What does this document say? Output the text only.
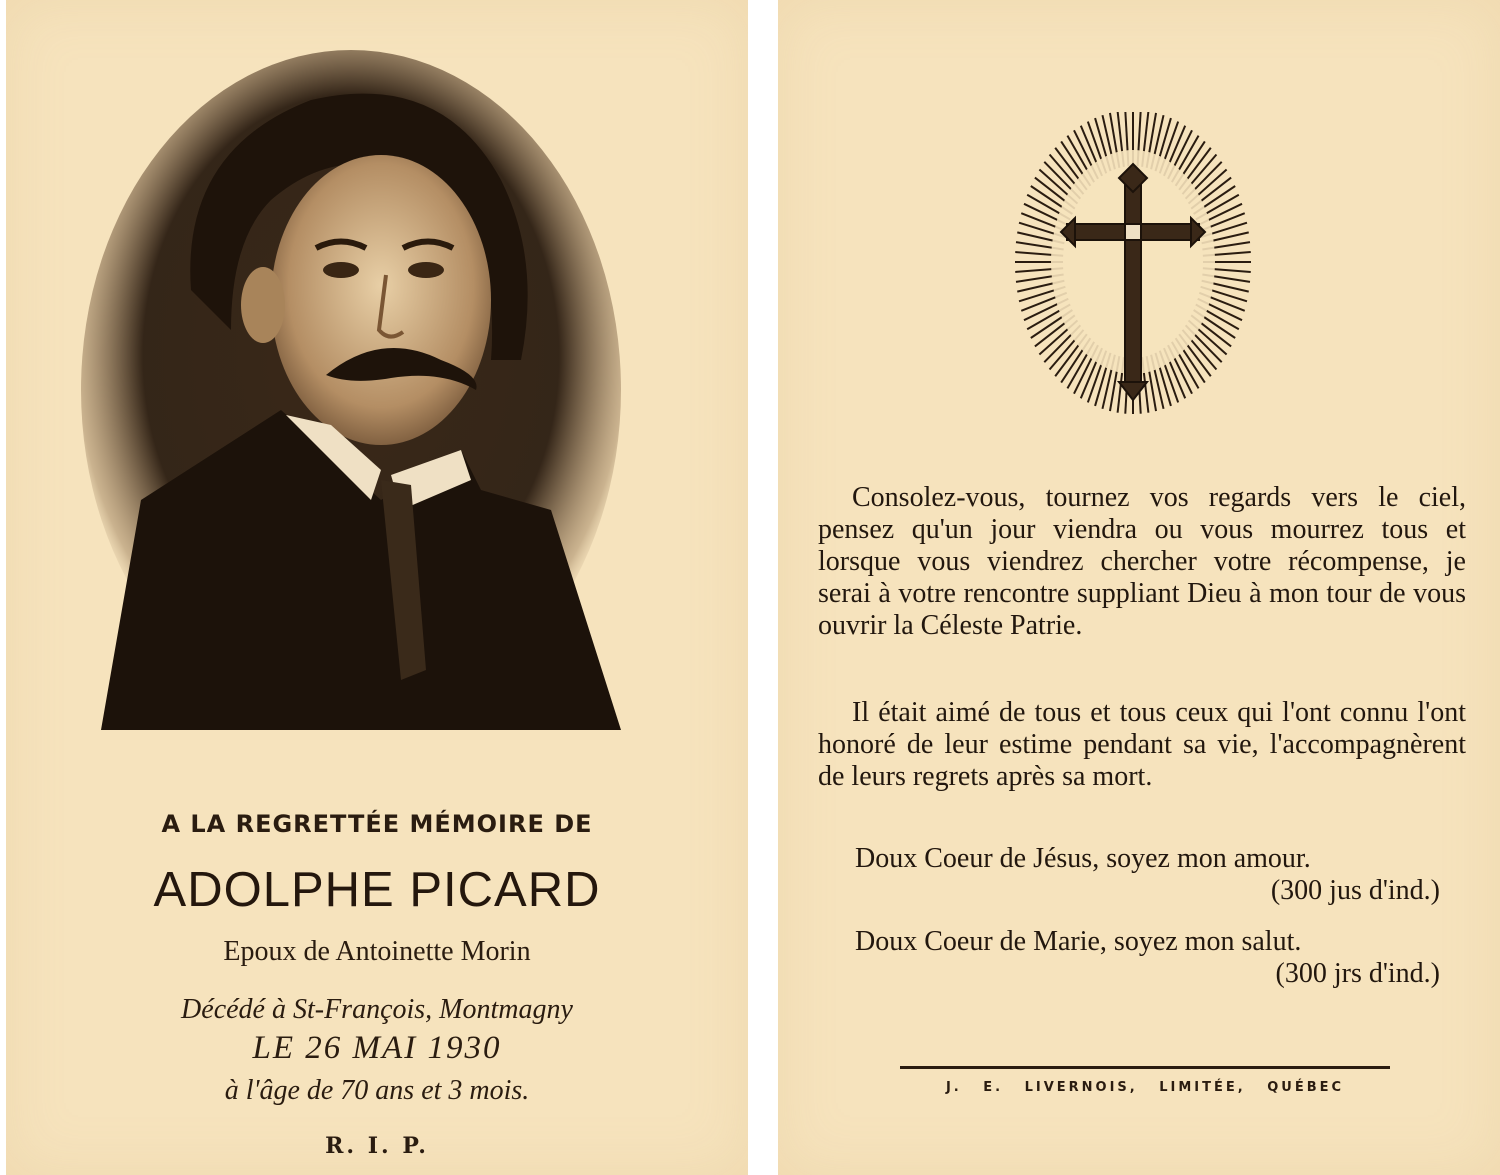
A LA REGRETTÉE MÉMOIRE DE
ADOLPHE PICARD
Epoux de Antoinette Morin
Décédé à St-François, Montmagny
LE 26 MAI 1930
à l'âge de 70 ans et 3 mois.
R. I. P.

Consolez-vous, tournez vos regards vers le ciel, pensez qu'un jour viendra ou vous mourrez tous et lorsque vous viendrez chercher votre récompense, je serai à votre rencontre suppliant Dieu à mon tour de vous ouvrir la Céleste Patrie.

Il était aimé de tous et tous ceux qui l'ont connu l'ont honoré de leur estime pendant sa vie, l'accompagnèrent de leurs regrets après sa mort.

Doux Coeur de Jésus, soyez mon amour.
(300 jus d'ind.)
Doux Coeur de Marie, soyez mon salut.
(300 jrs d'ind.)
J. E. LIVERNOIS, LIMITÉE, QUÉBEC
